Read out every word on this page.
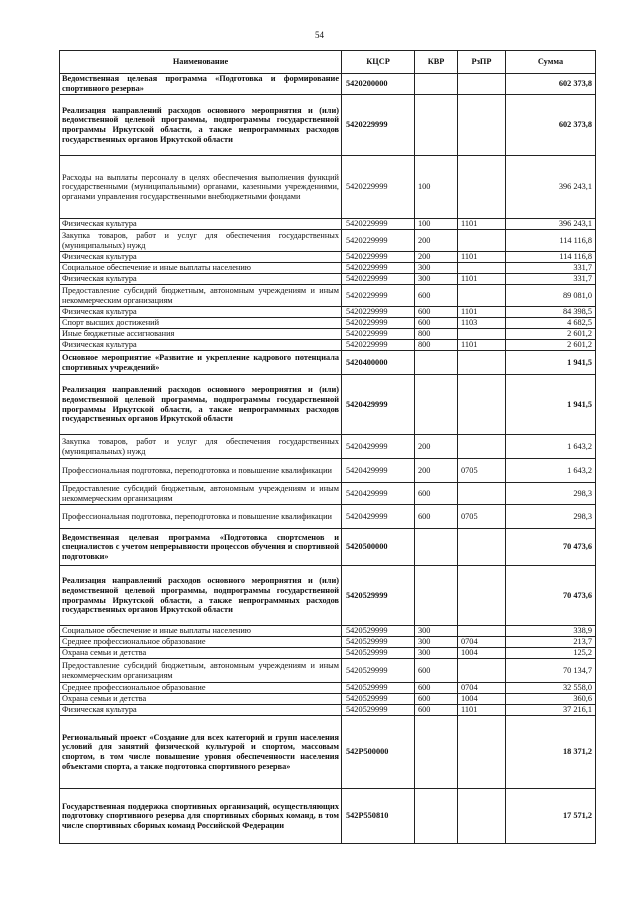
54
Наименование	КЦСР	КВР	РзПР	Сумма
Ведомственная целевая программа «Подготовка и формирование спортивного резерва»	5420200000			602 373,8
Реализация направлений расходов основного мероприятия и (или) ведомственной целевой программы, подпрограммы государственной программы Иркутской области, а также непрограммных расходов государственных органов Иркутской области	5420229999			602 373,8
Расходы на выплаты персоналу в целях обеспечения выполнения функций государственными (муниципальными) органами, казенными учреждениями, органами управления государственными внебюджетными фондами	5420229999	100		396 243,1
Физическая культура	5420229999	100	1101	396 243,1
Закупка товаров, работ и услуг для обеспечения государственных (муниципальных) нужд	5420229999	200		114 116,8
Физическая культура	5420229999	200	1101	114 116,8
Социальное обеспечение и иные выплаты населению	5420229999	300		331,7
Физическая культура	5420229999	300	1101	331,7
Предоставление субсидий бюджетным, автономным учреждениям и иным некоммерческим организациям	5420229999	600		89 081,0
Физическая культура	5420229999	600	1101	84 398,5
Спорт высших достижений	5420229999	600	1103	4 682,5
Иные бюджетные ассигнования	5420229999	800		2 601,2
Физическая культура	5420229999	800	1101	2 601,2
Основное мероприятие «Развитие и укрепление кадрового потенциала спортивных учреждений»	5420400000			1 941,5
Реализация направлений расходов основного мероприятия и (или) ведомственной целевой программы, подпрограммы государственной программы Иркутской области, а также непрограммных расходов государственных органов Иркутской области	5420429999			1 941,5
Закупка товаров, работ и услуг для обеспечения государственных (муниципальных) нужд	5420429999	200		1 643,2
Профессиональная подготовка, переподготовка и повышение квалификации	5420429999	200	0705	1 643,2
Предоставление субсидий бюджетным, автономным учреждениям и иным некоммерческим организациям	5420429999	600		298,3
Профессиональная подготовка, переподготовка и повышение квалификации	5420429999	600	0705	298,3
Ведомственная целевая программа «Подготовка спортсменов и специалистов с учетом непрерывности процессов обучения и спортивной подготовки»	5420500000			70 473,6
Реализация направлений расходов основного мероприятия и (или) ведомственной целевой программы, подпрограммы государственной программы Иркутской области, а также непрограммных расходов государственных органов Иркутской области	5420529999			70 473,6
Социальное обеспечение и иные выплаты населению	5420529999	300		338,9
Среднее профессиональное образование	5420529999	300	0704	213,7
Охрана семьи и детства	5420529999	300	1004	125,2
Предоставление субсидий бюджетным, автономным учреждениям и иным некоммерческим организациям	5420529999	600		70 134,7
Среднее профессиональное образование	5420529999	600	0704	32 558,0
Охрана семьи и детства	5420529999	600	1004	360,6
Физическая культура	5420529999	600	1101	37 216,1
Региональный проект «Создание для всех категорий и групп населения условий для занятий физической культурой и спортом, массовым спортом, в том числе повышение уровня обеспеченности населения объектами спорта, а также подготовка спортивного резерва»	542P500000			18 371,2
Государственная поддержка спортивных организаций, осуществляющих подготовку спортивного резерва для спортивных сборных команд, в том числе спортивных сборных команд Российской Федерации	542P550810			17 571,2
